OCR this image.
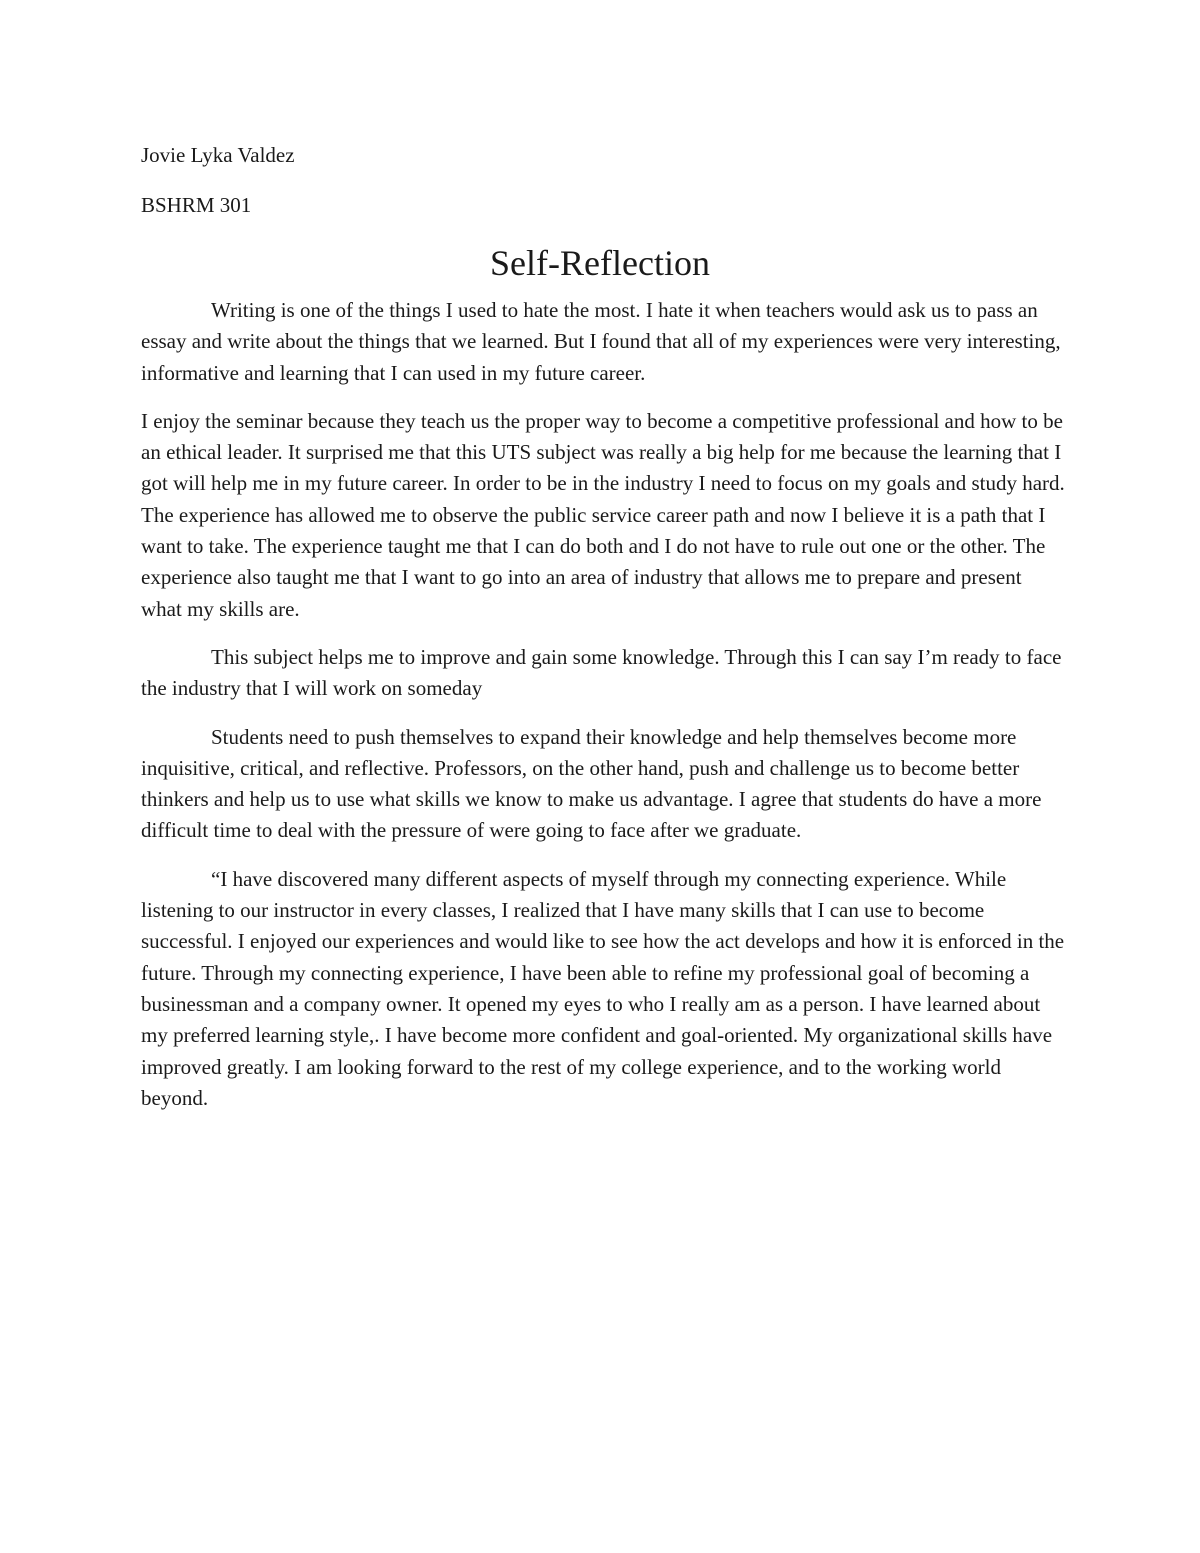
Jovie Lyka Valdez

BSHRM 301

Self-Reflection

Writing is one of the things I used to hate the most. I hate it when teachers would ask us to pass an essay and write about the things that we learned. But I found that all of my experiences were very interesting, informative and learning that I can used in my future career.

I enjoy the seminar because they teach us the proper way to become a competitive professional and how to be an ethical leader. It surprised me that this UTS subject was really a big help for me because the learning that I got will help me in my future career. In order to be in the industry I need to focus on my goals and study hard. The experience has allowed me to observe the public service career path and now I believe it is a path that I want to take. The experience taught me that I can do both and I do not have to rule out one or the other. The experience also taught me that I want to go into an area of industry that allows me to prepare and present what my skills are.

This subject helps me to improve and gain some knowledge. Through this I can say I’m ready to face the industry that I will work on someday

Students need to push themselves to expand their knowledge and help themselves become more inquisitive, critical, and reflective. Professors, on the other hand, push and challenge us to become better thinkers and help us to use what skills we know to make us advantage. I agree that students do have a more difficult time to deal with the pressure of were going to face after we graduate.

“I have discovered many different aspects of myself through my connecting experience. While listening to our instructor in every classes, I realized that I have many skills that I can use to become successful. I enjoyed our experiences and would like to see how the act develops and how it is enforced in the future. Through my connecting experience, I have been able to refine my professional goal of becoming a businessman and a company owner. It opened my eyes to who I really am as a person. I have learned about my preferred learning style,. I have become more confident and goal-oriented. My organizational skills have improved greatly. I am looking forward to the rest of my college experience, and to the working world beyond.
